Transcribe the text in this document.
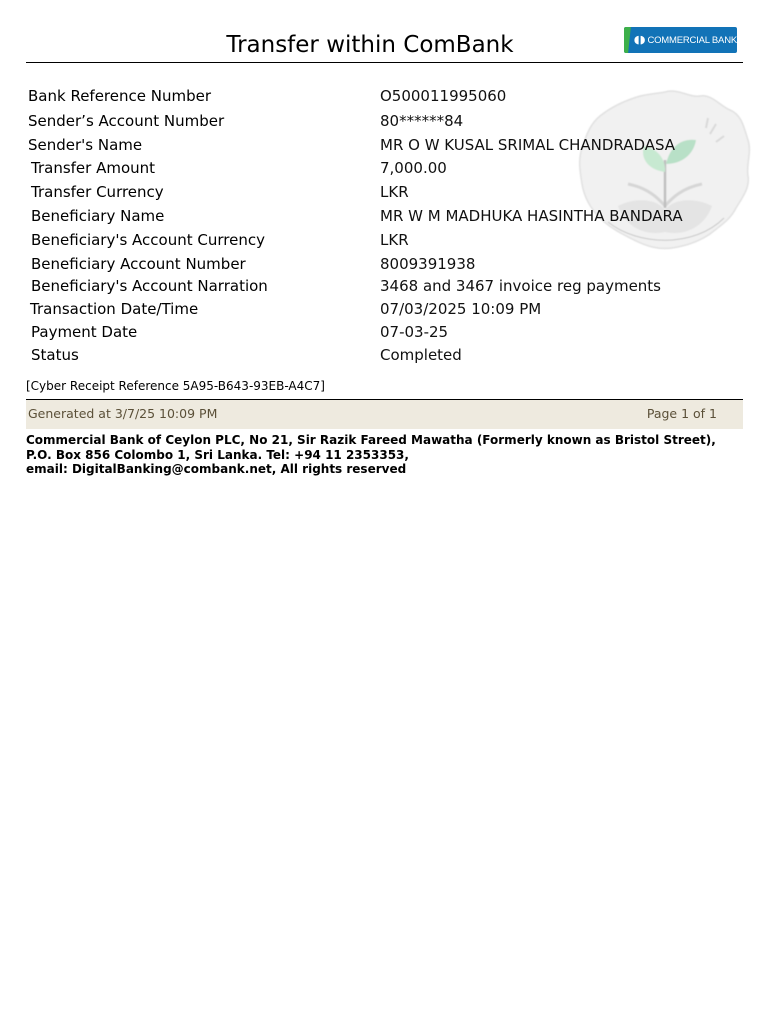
Transfer within ComBank	◖◗ COMMERCIAL BANK
Bank Reference Number	O500011995060
Sender’s Account Number	80******84
Sender's Name	MR O W KUSAL SRIMAL CHANDRADASA
Transfer Amount	7,000.00
Transfer Currency	LKR
Beneficiary Name	MR W M MADHUKA HASINTHA BANDARA
Beneficiary's Account Currency	LKR
Beneficiary Account Number	8009391938
Beneficiary's Account Narration	3468 and 3467 invoice reg payments
Transaction Date/Time	07/03/2025 10:09 PM
Payment Date	07-03-25
Status	Completed
[Cyber Receipt Reference 5A95-B643-93EB-A4C7]
Generated at 3/7/25 10:09 PM	Page 1 of 1
Commercial Bank of Ceylon PLC, No 21, Sir Razik Fareed Mawatha (Formerly known as Bristol Street),
P.O. Box 856 Colombo 1, Sri Lanka. Tel: +94 11 2353353,
email: DigitalBanking@combank.net, All rights reserved
